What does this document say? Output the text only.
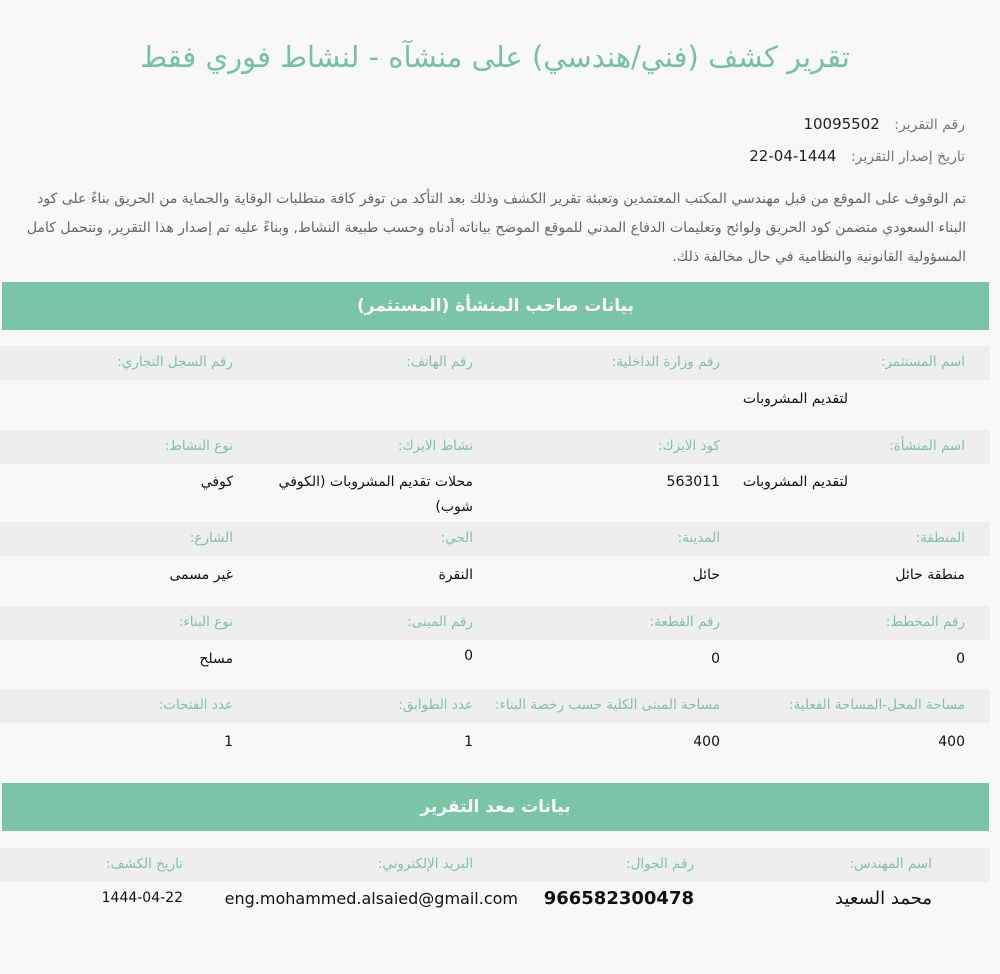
تقرير كشف (فني/هندسي) على منشآه - لنشاط فوري فقط
رقم التقرير: 10095502
تاريخ إصدار التقرير: 1444-04-22
تم الوقوف على الموقع من قبل مهندسي المكتب المعتمدين وتعبئة تقرير الكشف وذلك بعد التأكد من توفر كافة متطلبات الوقاية والحماية من الحريق بناءً على كود البناء السعودي متضمن كود الحريق ولوائح وتعليمات الدفاع المدني للموقع الموضح بياناته أدناه وحسب طبيعة النشاط, وبناءً عليه تم إصدار هذا التقرير, ونتحمل كامل المسؤولية القانونية والنظامية في حال مخالفة ذلك.
بيانات صاحب المنشأة (المستثمر)
اسم المستثمر:
رقم وزارة الداخلية:
رقم الهاتف:
رقم السجل التجاري:
لتقديم المشروبات
اسم المنشأة:
كود الايزك:
نشاط الايزك:
نوع النشاط:
لتقديم المشروبات
563011
محلات تقديم المشروبات (الكوفي شوب)
كوفي
المنطقة:
المدينة:
الحي:
الشارع:
منطقة حائل
حائل
النقرة
غير مسمى
رقم المخطط:
رقم القطعة:
رقم المبنى:
نوع البناء:
0
0
0
مسلح
مساحة المحل-المساحة الفعلية:
مساحة المبنى الكلية حسب رخصة البناء:
عدد الطوابق:
عدد الفتحات:
400
400
1
1
بيانات معد التقرير
اسم المهندس:
رقم الجوال:
البريد الإلكتروني:
تاريخ الكشف:
محمد السعيد
966582300478
eng.mohammed.alsaied@gmail.com
1444-04-22
